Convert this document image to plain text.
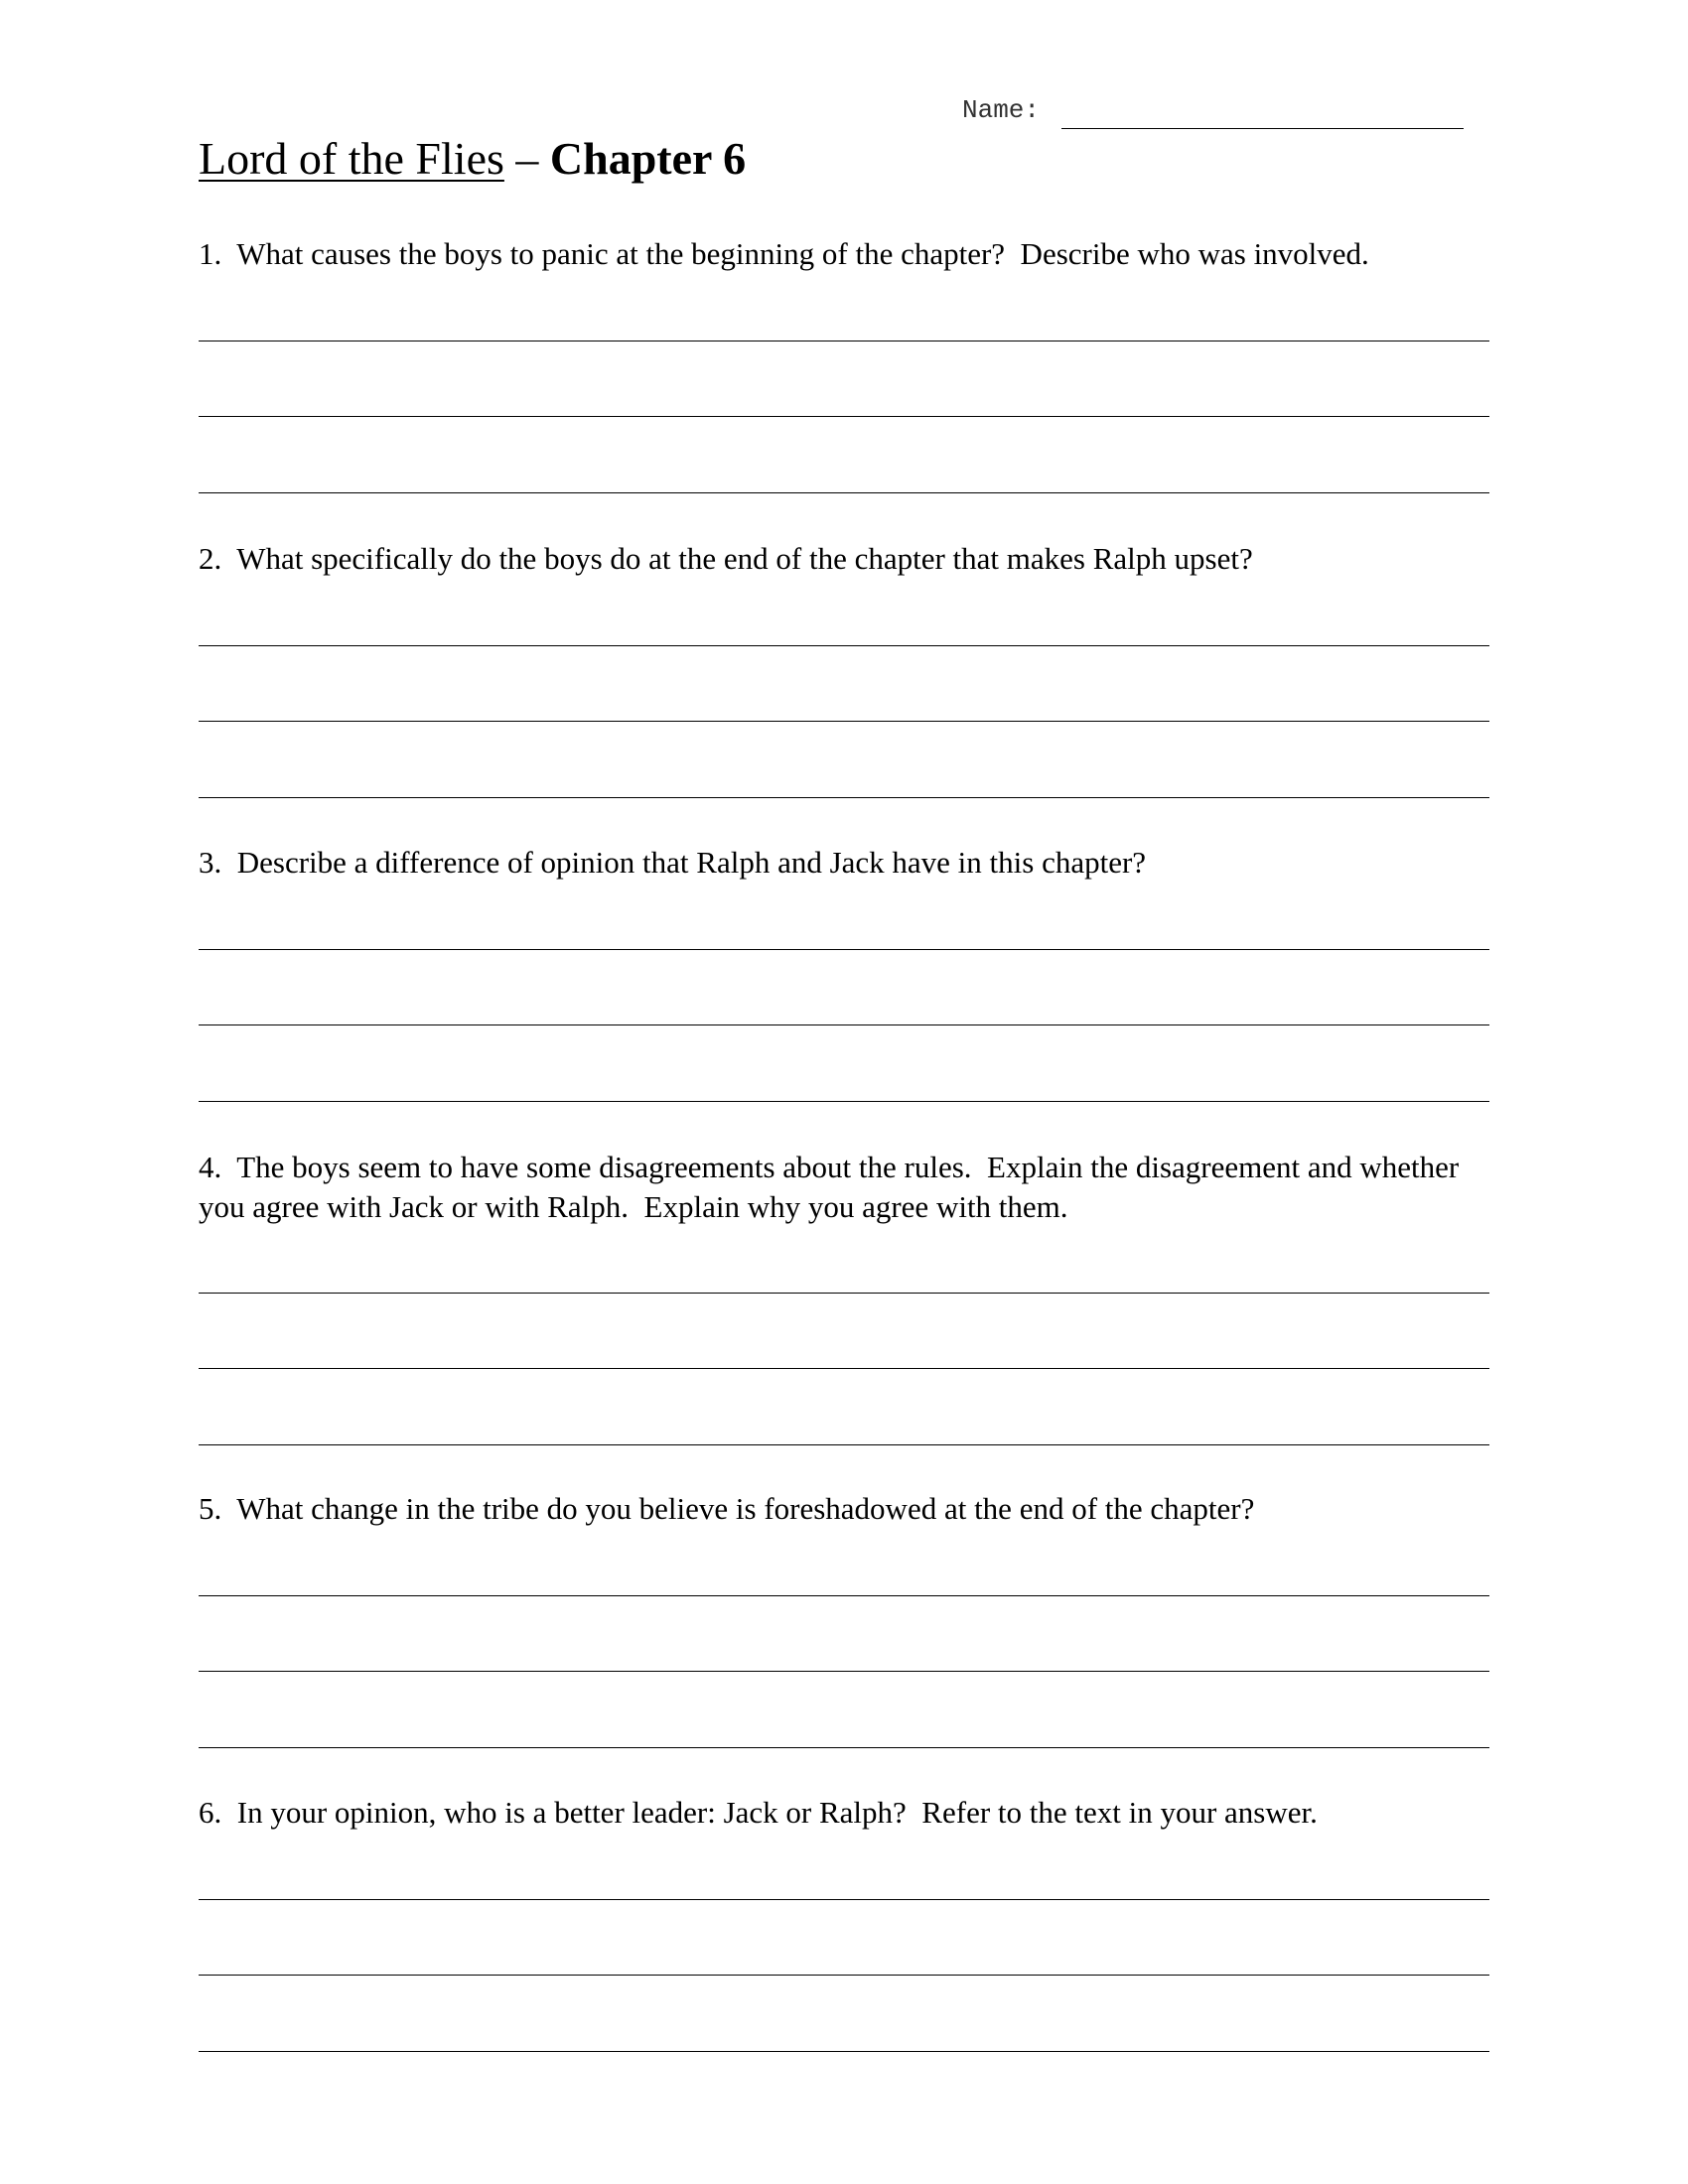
Name:
Lord of the Flies – Chapter 6

1.  What causes the boys to panic at the beginning of the chapter?  Describe who was involved.

2.  What specifically do the boys do at the end of the chapter that makes Ralph upset?

3.  Describe a difference of opinion that Ralph and Jack have in this chapter?

4.  The boys seem to have some disagreements about the rules.  Explain the disagreement and whether you agree with Jack or with Ralph.  Explain why you agree with them.

5.  What change in the tribe do you believe is foreshadowed at the end of the chapter?

6.  In your opinion, who is a better leader: Jack or Ralph?  Refer to the text in your answer.
